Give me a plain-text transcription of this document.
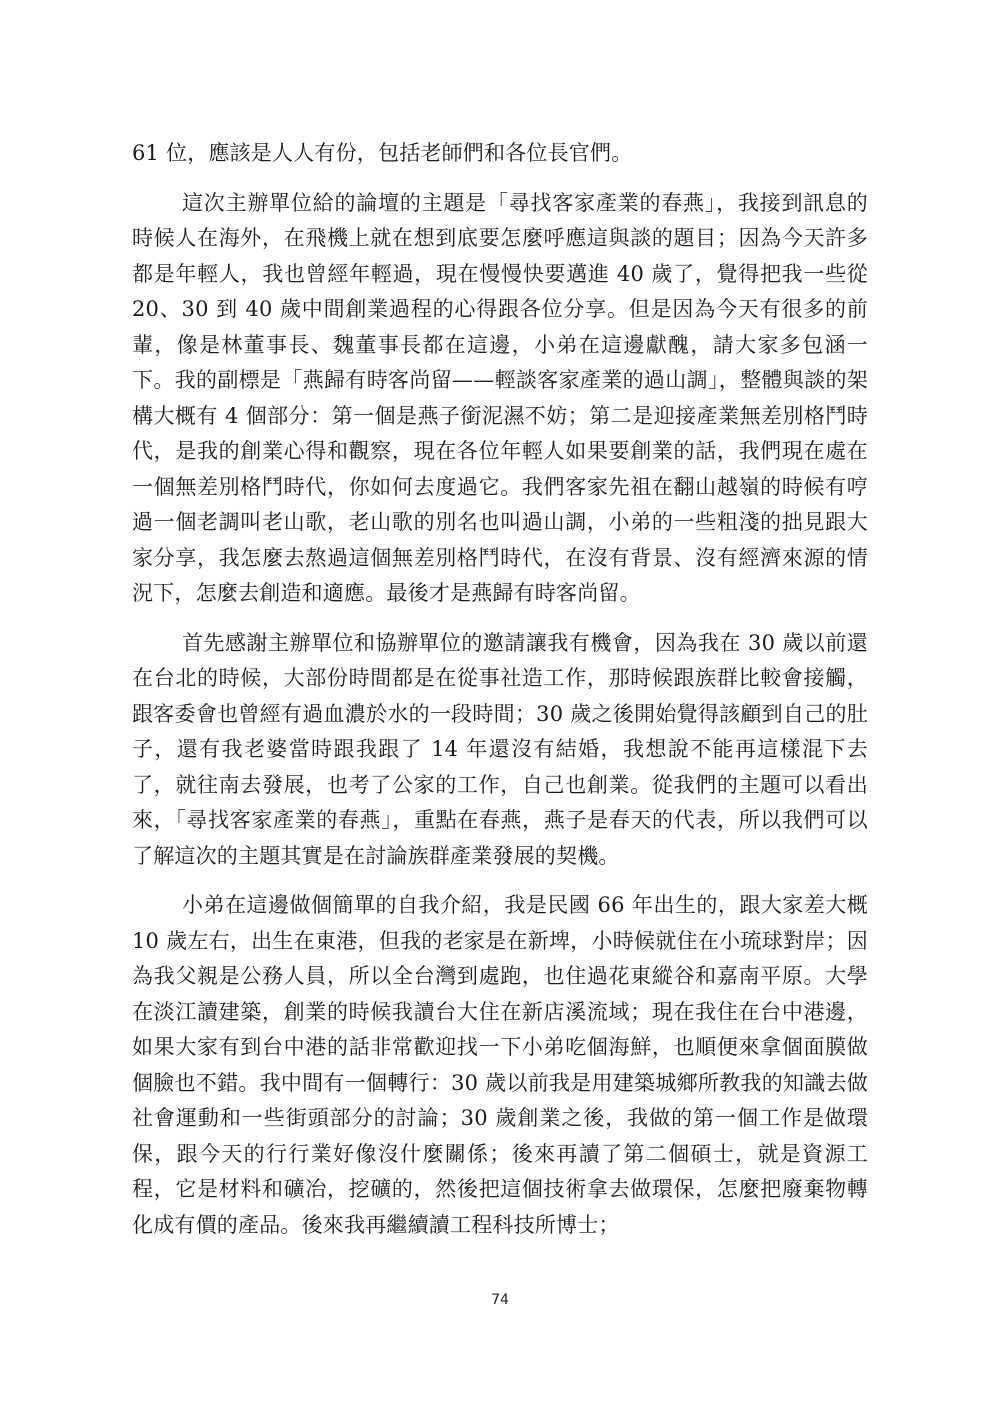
61 位，應該是人人有份，包括老師們和各位長官們。

這次主辦單位給的論壇的主題是「尋找客家產業的春燕」，我接到訊息的時候人在海外，在飛機上就在想到底要怎麼呼應這與談的題目；因為今天許多都是年輕人，我也曾經年輕過，現在慢慢快要邁進 40 歲了，覺得把我一些從 20、30 到 40 歲中間創業過程的心得跟各位分享。但是因為今天有很多的前輩，像是林董事長、魏董事長都在這邊，小弟在這邊獻醜，請大家多包涵一下。我的副標是「燕歸有時客尚留——輕談客家產業的過山調」，整體與談的架構大概有 4 個部分：第一個是燕子銜泥濕不妨；第二是迎接產業無差別格鬥時代，是我的創業心得和觀察，現在各位年輕人如果要創業的話，我們現在處在一個無差別格鬥時代，你如何去度過它。我們客家先祖在翻山越嶺的時候有哼過一個老調叫老山歌，老山歌的別名也叫過山調，小弟的一些粗淺的拙見跟大家分享，我怎麼去熬過這個無差別格鬥時代，在沒有背景、沒有經濟來源的情況下，怎麼去創造和適應。最後才是燕歸有時客尚留。

首先感謝主辦單位和協辦單位的邀請讓我有機會，因為我在 30 歲以前還在台北的時候，大部份時間都是在從事社造工作，那時候跟族群比較會接觸，跟客委會也曾經有過血濃於水的一段時間；30 歲之後開始覺得該顧到自己的肚子，還有我老婆當時跟我跟了 14 年還沒有結婚，我想說不能再這樣混下去了，就往南去發展，也考了公家的工作，自己也創業。從我們的主題可以看出來，「尋找客家產業的春燕」，重點在春燕，燕子是春天的代表，所以我們可以了解這次的主題其實是在討論族群產業發展的契機。

小弟在這邊做個簡單的自我介紹，我是民國 66 年出生的，跟大家差大概 10 歲左右，出生在東港，但我的老家是在新埤，小時候就住在小琉球對岸；因為我父親是公務人員，所以全台灣到處跑，也住過花東縱谷和嘉南平原。大學在淡江讀建築，創業的時候我讀台大住在新店溪流域；現在我住在台中港邊，如果大家有到台中港的話非常歡迎找一下小弟吃個海鮮，也順便來拿個面膜做個臉也不錯。我中間有一個轉行：30 歲以前我是用建築城鄉所教我的知識去做社會運動和一些街頭部分的討論；30 歲創業之後，我做的第一個工作是做環保，跟今天的行行業好像沒什麼關係；後來再讀了第二個碩士，就是資源工程，它是材料和礦冶，挖礦的，然後把這個技術拿去做環保，怎麼把廢棄物轉化成有價的產品。後來我再繼續讀工程科技所博士；

74
